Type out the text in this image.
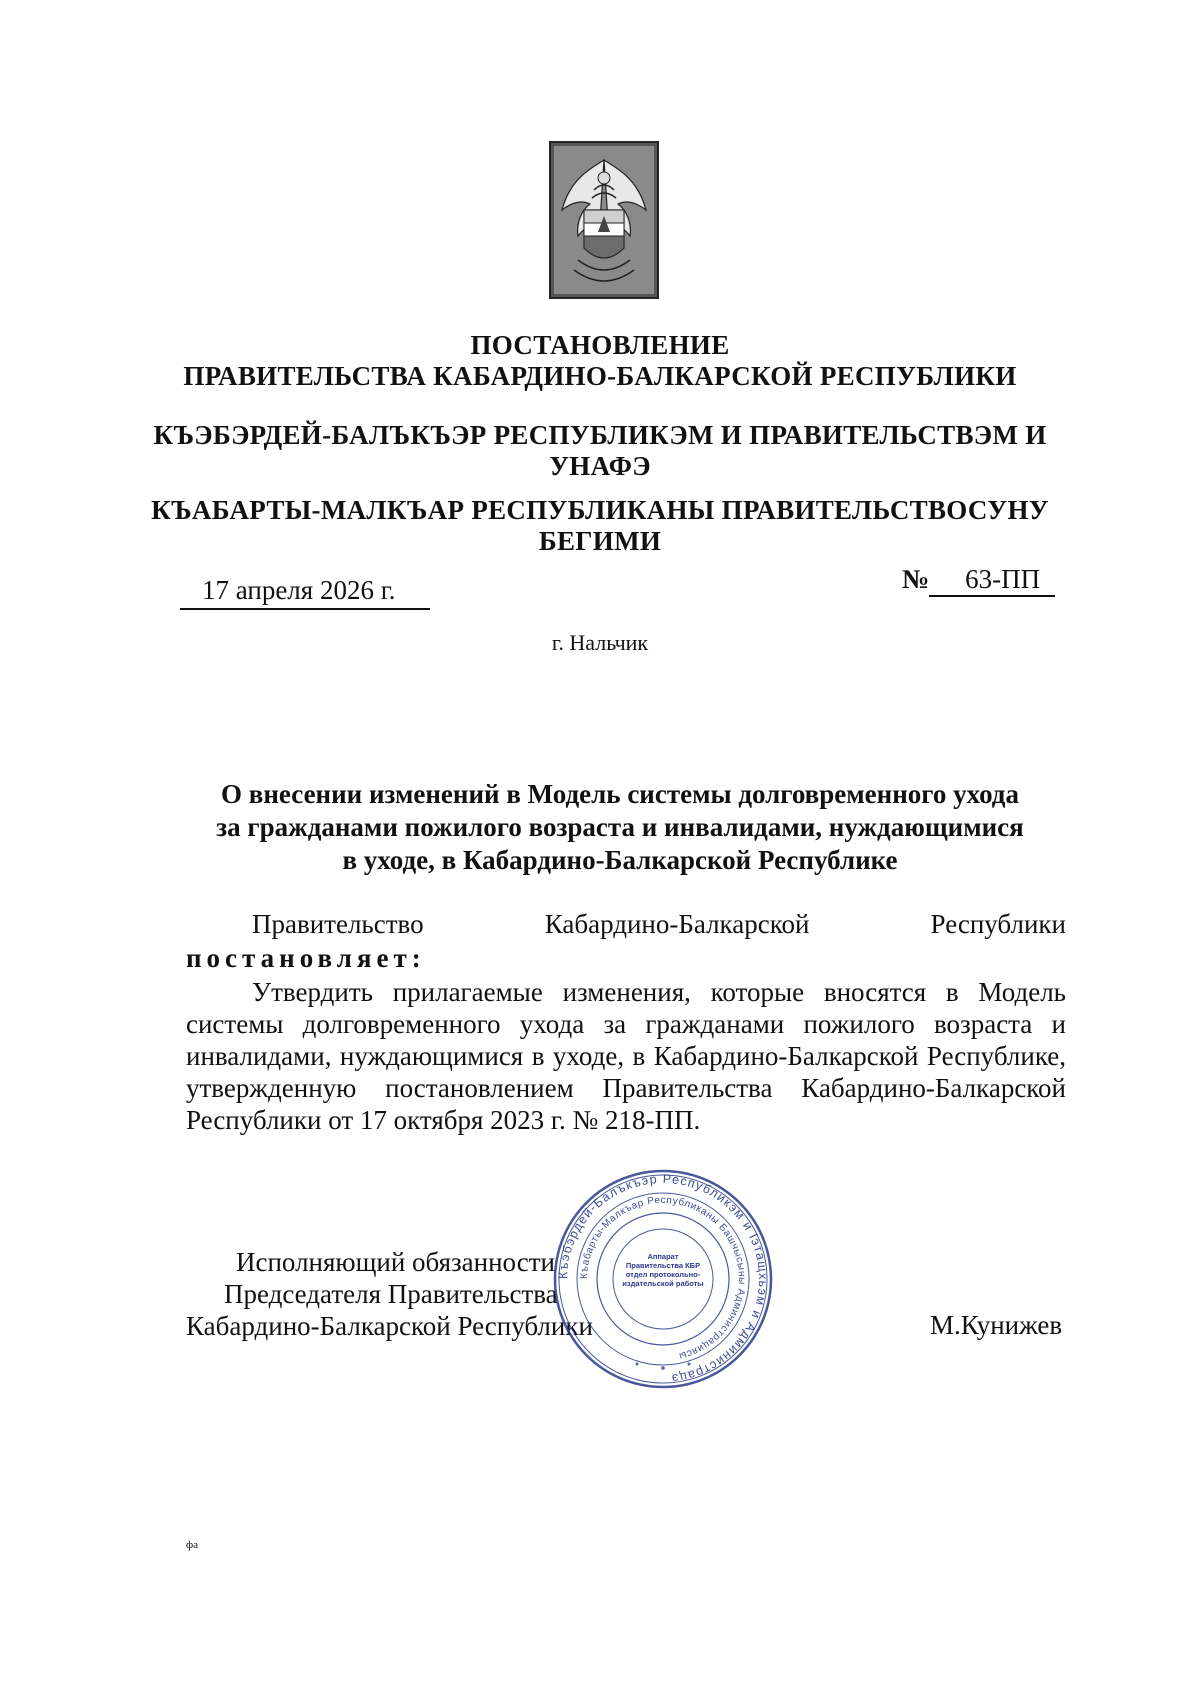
ПОСТАНОВЛЕНИЕ
ПРАВИТЕЛЬСТВА КАБАРДИНО-БАЛКАРСКОЙ РЕСПУБЛИКИ
КЪЭБЭРДЕЙ-БАЛЪКЪЭР РЕСПУБЛИКЭМ И ПРАВИТЕЛЬСТВЭМ И
УНАФЭ
КЪАБАРТЫ-МАЛКЪАР РЕСПУБЛИКАНЫ ПРАВИТЕЛЬСТВОСУНУ
БЕГИМИ
17 апреля 2026 г.	№ 63-ПП
г. Нальчик
О внесении изменений в Модель системы долговременного ухода
за гражданами пожилого возраста и инвалидами, нуждающимися
в уходе, в Кабардино-Балкарской Республике
Правительство	Кабардино-Балкарской	Республики
постановляет:
Утвердить прилагаемые изменения, которые вносятся в Модель системы долговременного ухода за гражданами пожилого возраста и инвалидами, нуждающимися в уходе, в Кабардино-Балкарской Республике, утвержденную постановлением Правительства Кабардино-Балкарской Республики от 17 октября 2023 г. № 218-ПП.
Исполняющий обязанности
Председателя Правительства
Кабардино-Балкарской Республики	М.Кунижев
Къэбэрдей-Балъкъэр Республикэм и Іэтащхьэм и Администрацэ
Къабарты-Малкъар Республиканы Башчысыны Администрациясы
Аппарат Правительства КБР отдел протокольно-издательской работы
фа
